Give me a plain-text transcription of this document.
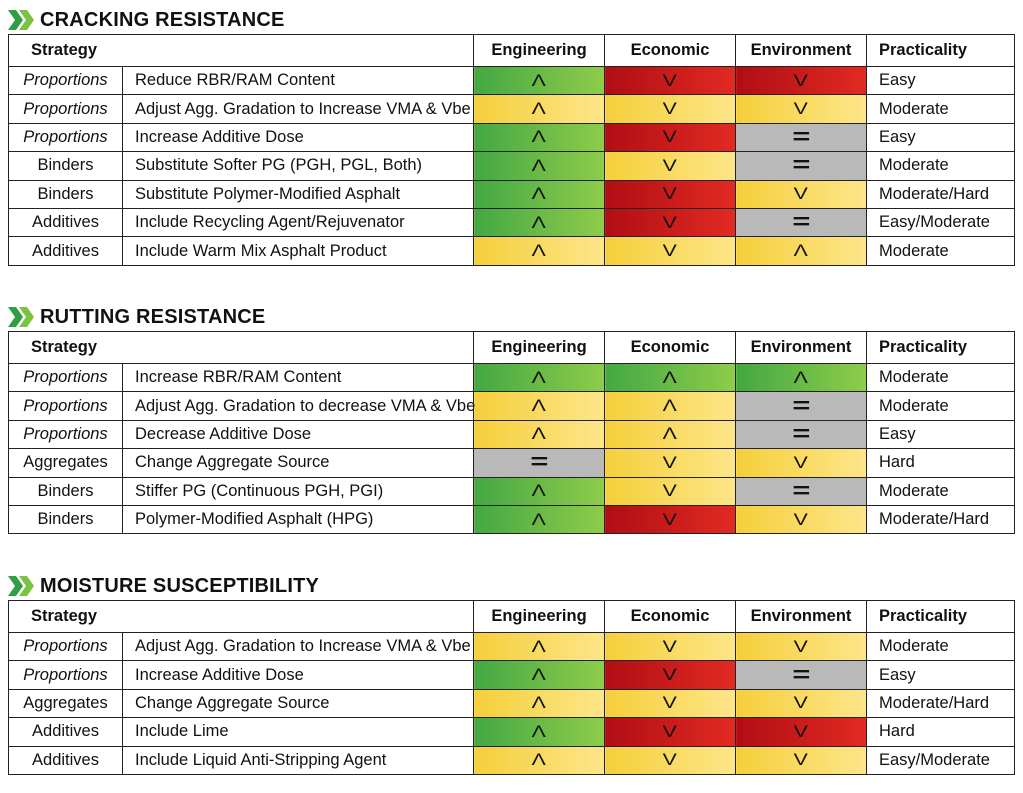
CRACKING RESISTANCE
Strategy		Engineering	Economic	Environment	Practicality
Proportions	Reduce RBR/RAM Content	Λ	V	V	Easy
Proportions	Adjust Agg. Gradation to Increase VMA & Vbe	Λ	V	V	Moderate
Proportions	Increase Additive Dose	Λ	V	=	Easy
Binders	Substitute Softer PG (PGH, PGL, Both)	Λ	V	=	Moderate
Binders	Substitute Polymer-Modified Asphalt	Λ	V	V	Moderate/Hard
Additives	Include Recycling Agent/Rejuvenator	Λ	V	=	Easy/Moderate
Additives	Include Warm Mix Asphalt Product	Λ	V	Λ	Moderate
RUTTING RESISTANCE
Strategy		Engineering	Economic	Environment	Practicality
Proportions	Increase RBR/RAM Content	Λ	Λ	Λ	Moderate
Proportions	Adjust Agg. Gradation to decrease VMA & Vbe	Λ	Λ	=	Moderate
Proportions	Decrease Additive Dose	Λ	Λ	=	Easy
Aggregates	Change Aggregate Source	=	V	V	Hard
Binders	Stiffer PG (Continuous PGH, PGI)	Λ	V	=	Moderate
Binders	Polymer-Modified Asphalt (HPG)	Λ	V	V	Moderate/Hard
MOISTURE SUSCEPTIBILITY
Strategy		Engineering	Economic	Environment	Practicality
Proportions	Adjust Agg. Gradation to Increase VMA & Vbe	Λ	V	V	Moderate
Proportions	Increase Additive Dose	Λ	V	=	Easy
Aggregates	Change Aggregate Source	Λ	V	V	Moderate/Hard
Additives	Include Lime	Λ	V	V	Hard
Additives	Include Liquid Anti-Stripping Agent	Λ	V	V	Easy/Moderate
